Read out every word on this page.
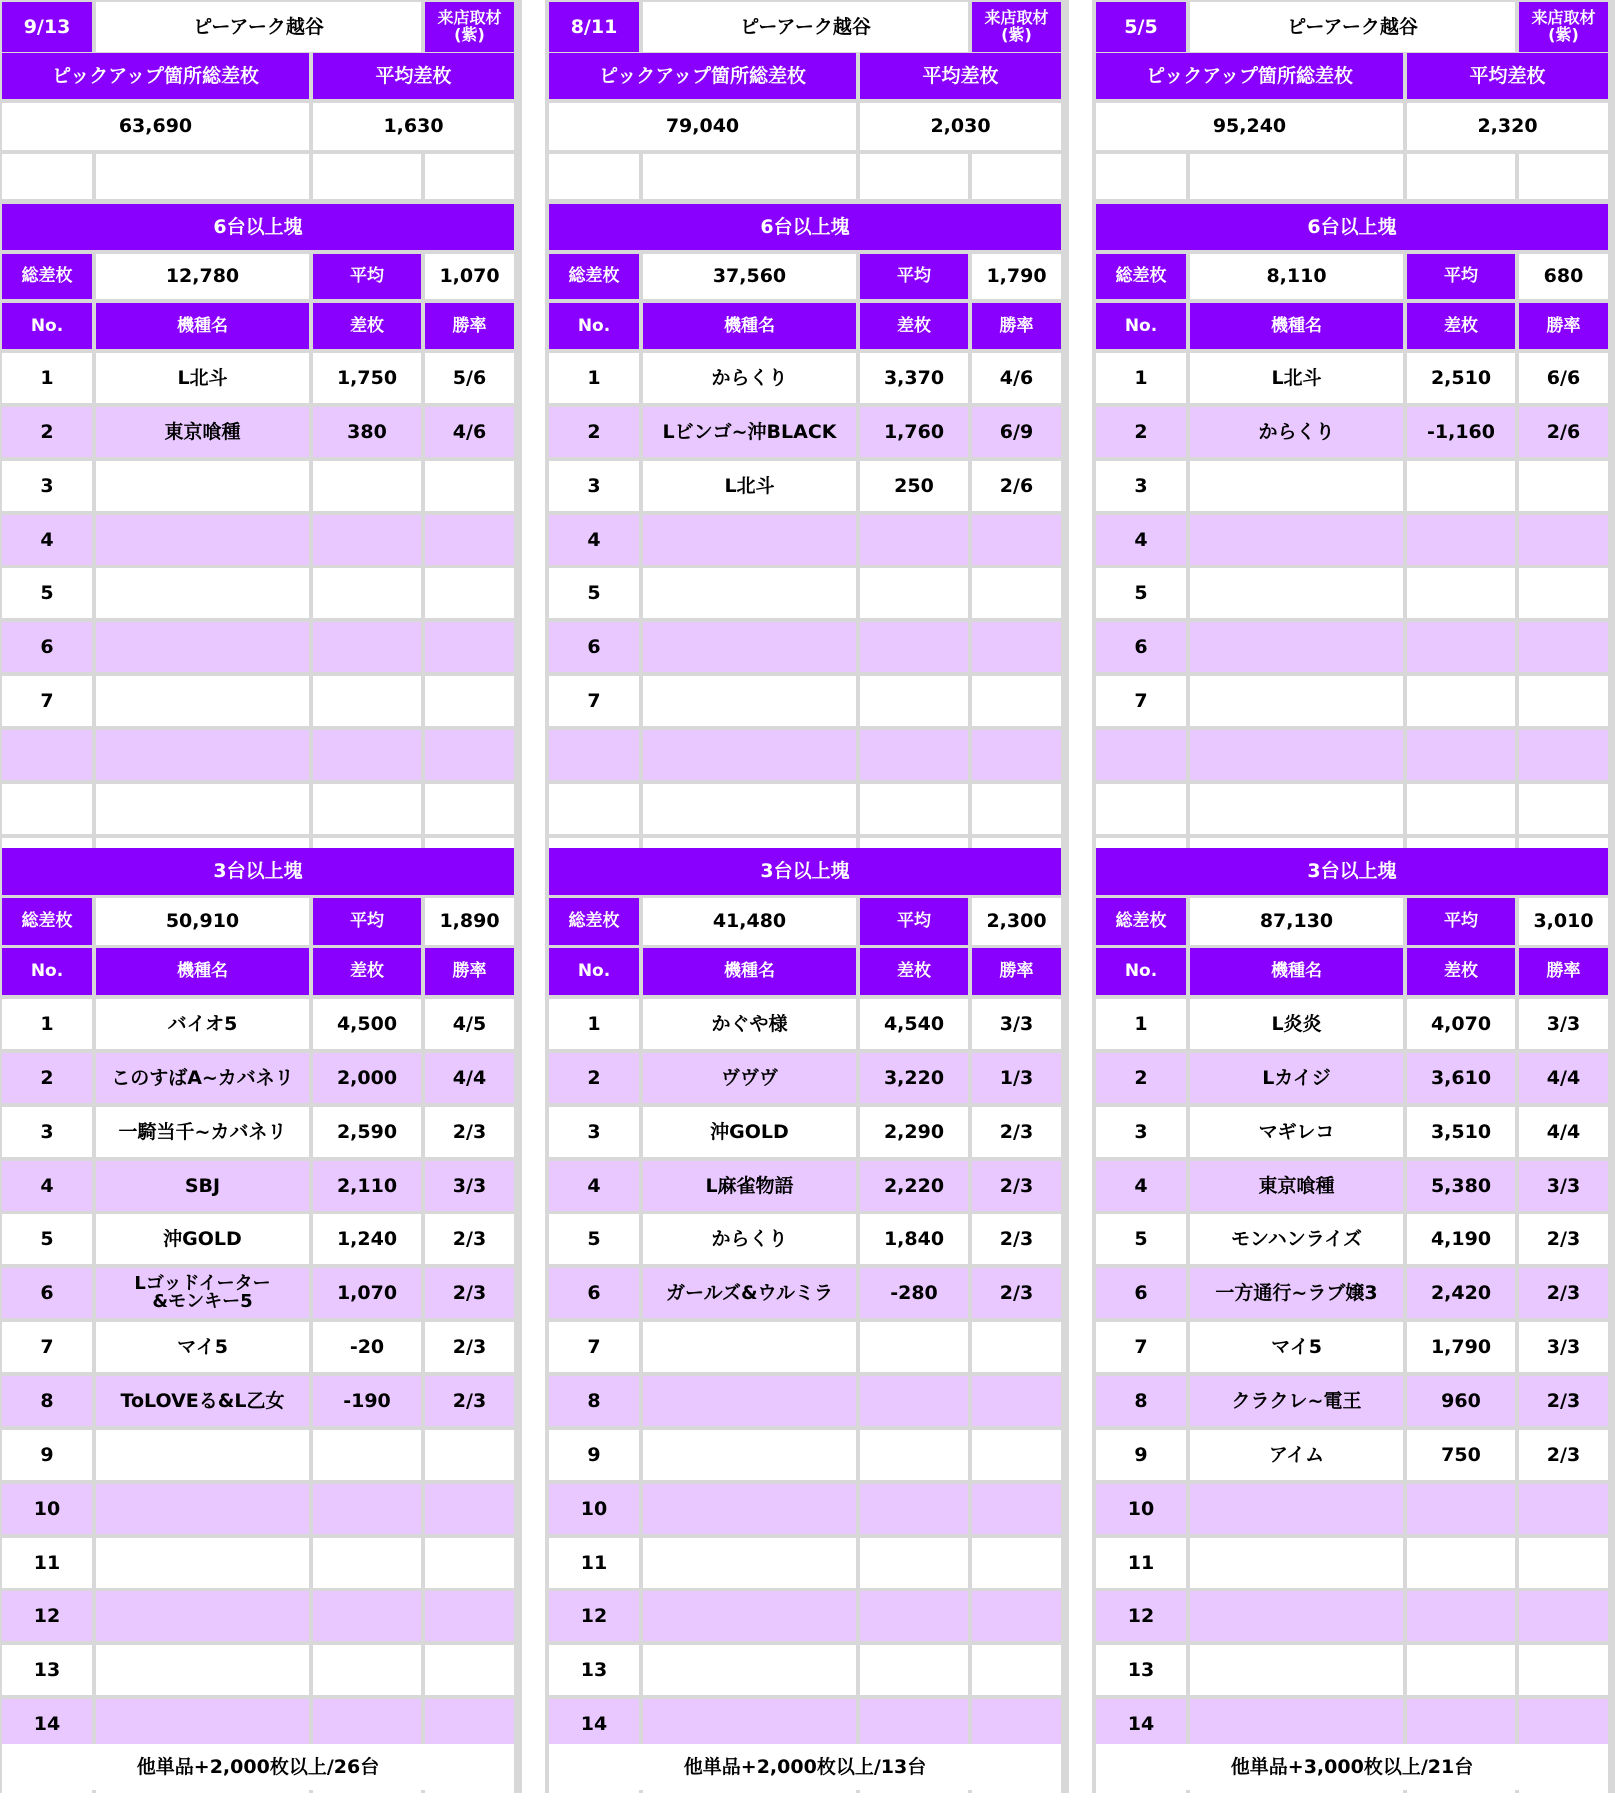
9/13	ピーアーク越谷	来店取材
(紫)
ピックアップ箇所総差枚	平均差枚
63,690	1,630
6台以上塊
総差枚	12,780	平均	1,070
No.	機種名	差枚	勝率
1	L北斗	1,750	5/6
2	東京喰種	380	4/6
3
4
5
6
7
3台以上塊
総差枚	50,910	平均	1,890
No.	機種名	差枚	勝率
1	バイオ5	4,500	4/5
2	このすばA~カバネリ	2,000	4/4
3	一騎当千~カバネリ	2,590	2/3
4	SBJ	2,110	3/3
5	沖GOLD	1,240	2/3
6	Lゴッドイーター
&モンキー5	1,070	2/3
7	マイ5	-20	2/3
8	ToLOVEる&L乙女	-190	2/3
9
10
11
12
13
14
他単品+2,000枚以上/26台
8/11	ピーアーク越谷	来店取材
(紫)
ピックアップ箇所総差枚	平均差枚
79,040	2,030
6台以上塊
総差枚	37,560	平均	1,790
No.	機種名	差枚	勝率
1	からくり	3,370	4/6
2	Lビンゴ~沖BLACK	1,760	6/9
3	L北斗	250	2/6
4
5
6
7
3台以上塊
総差枚	41,480	平均	2,300
No.	機種名	差枚	勝率
1	かぐや様	4,540	3/3
2	ヴヴヴ	3,220	1/3
3	沖GOLD	2,290	2/3
4	L麻雀物語	2,220	2/3
5	からくり	1,840	2/3
6	ガールズ&ウルミラ	-280	2/3
7
8
9
10
11
12
13
14
他単品+2,000枚以上/13台
5/5	ピーアーク越谷	来店取材
(紫)
ピックアップ箇所総差枚	平均差枚
95,240	2,320
6台以上塊
総差枚	8,110	平均	680
No.	機種名	差枚	勝率
1	L北斗	2,510	6/6
2	からくり	-1,160	2/6
3
4
5
6
7
3台以上塊
総差枚	87,130	平均	3,010
No.	機種名	差枚	勝率
1	L炎炎	4,070	3/3
2	Lカイジ	3,610	4/4
3	マギレコ	3,510	4/4
4	東京喰種	5,380	3/3
5	モンハンライズ	4,190	2/3
6	一方通行~ラブ嬢3	2,420	2/3
7	マイ5	1,790	3/3
8	クラクレ~電王	960	2/3
9	アイム	750	2/3
10
11
12
13
14
他単品+3,000枚以上/21台
